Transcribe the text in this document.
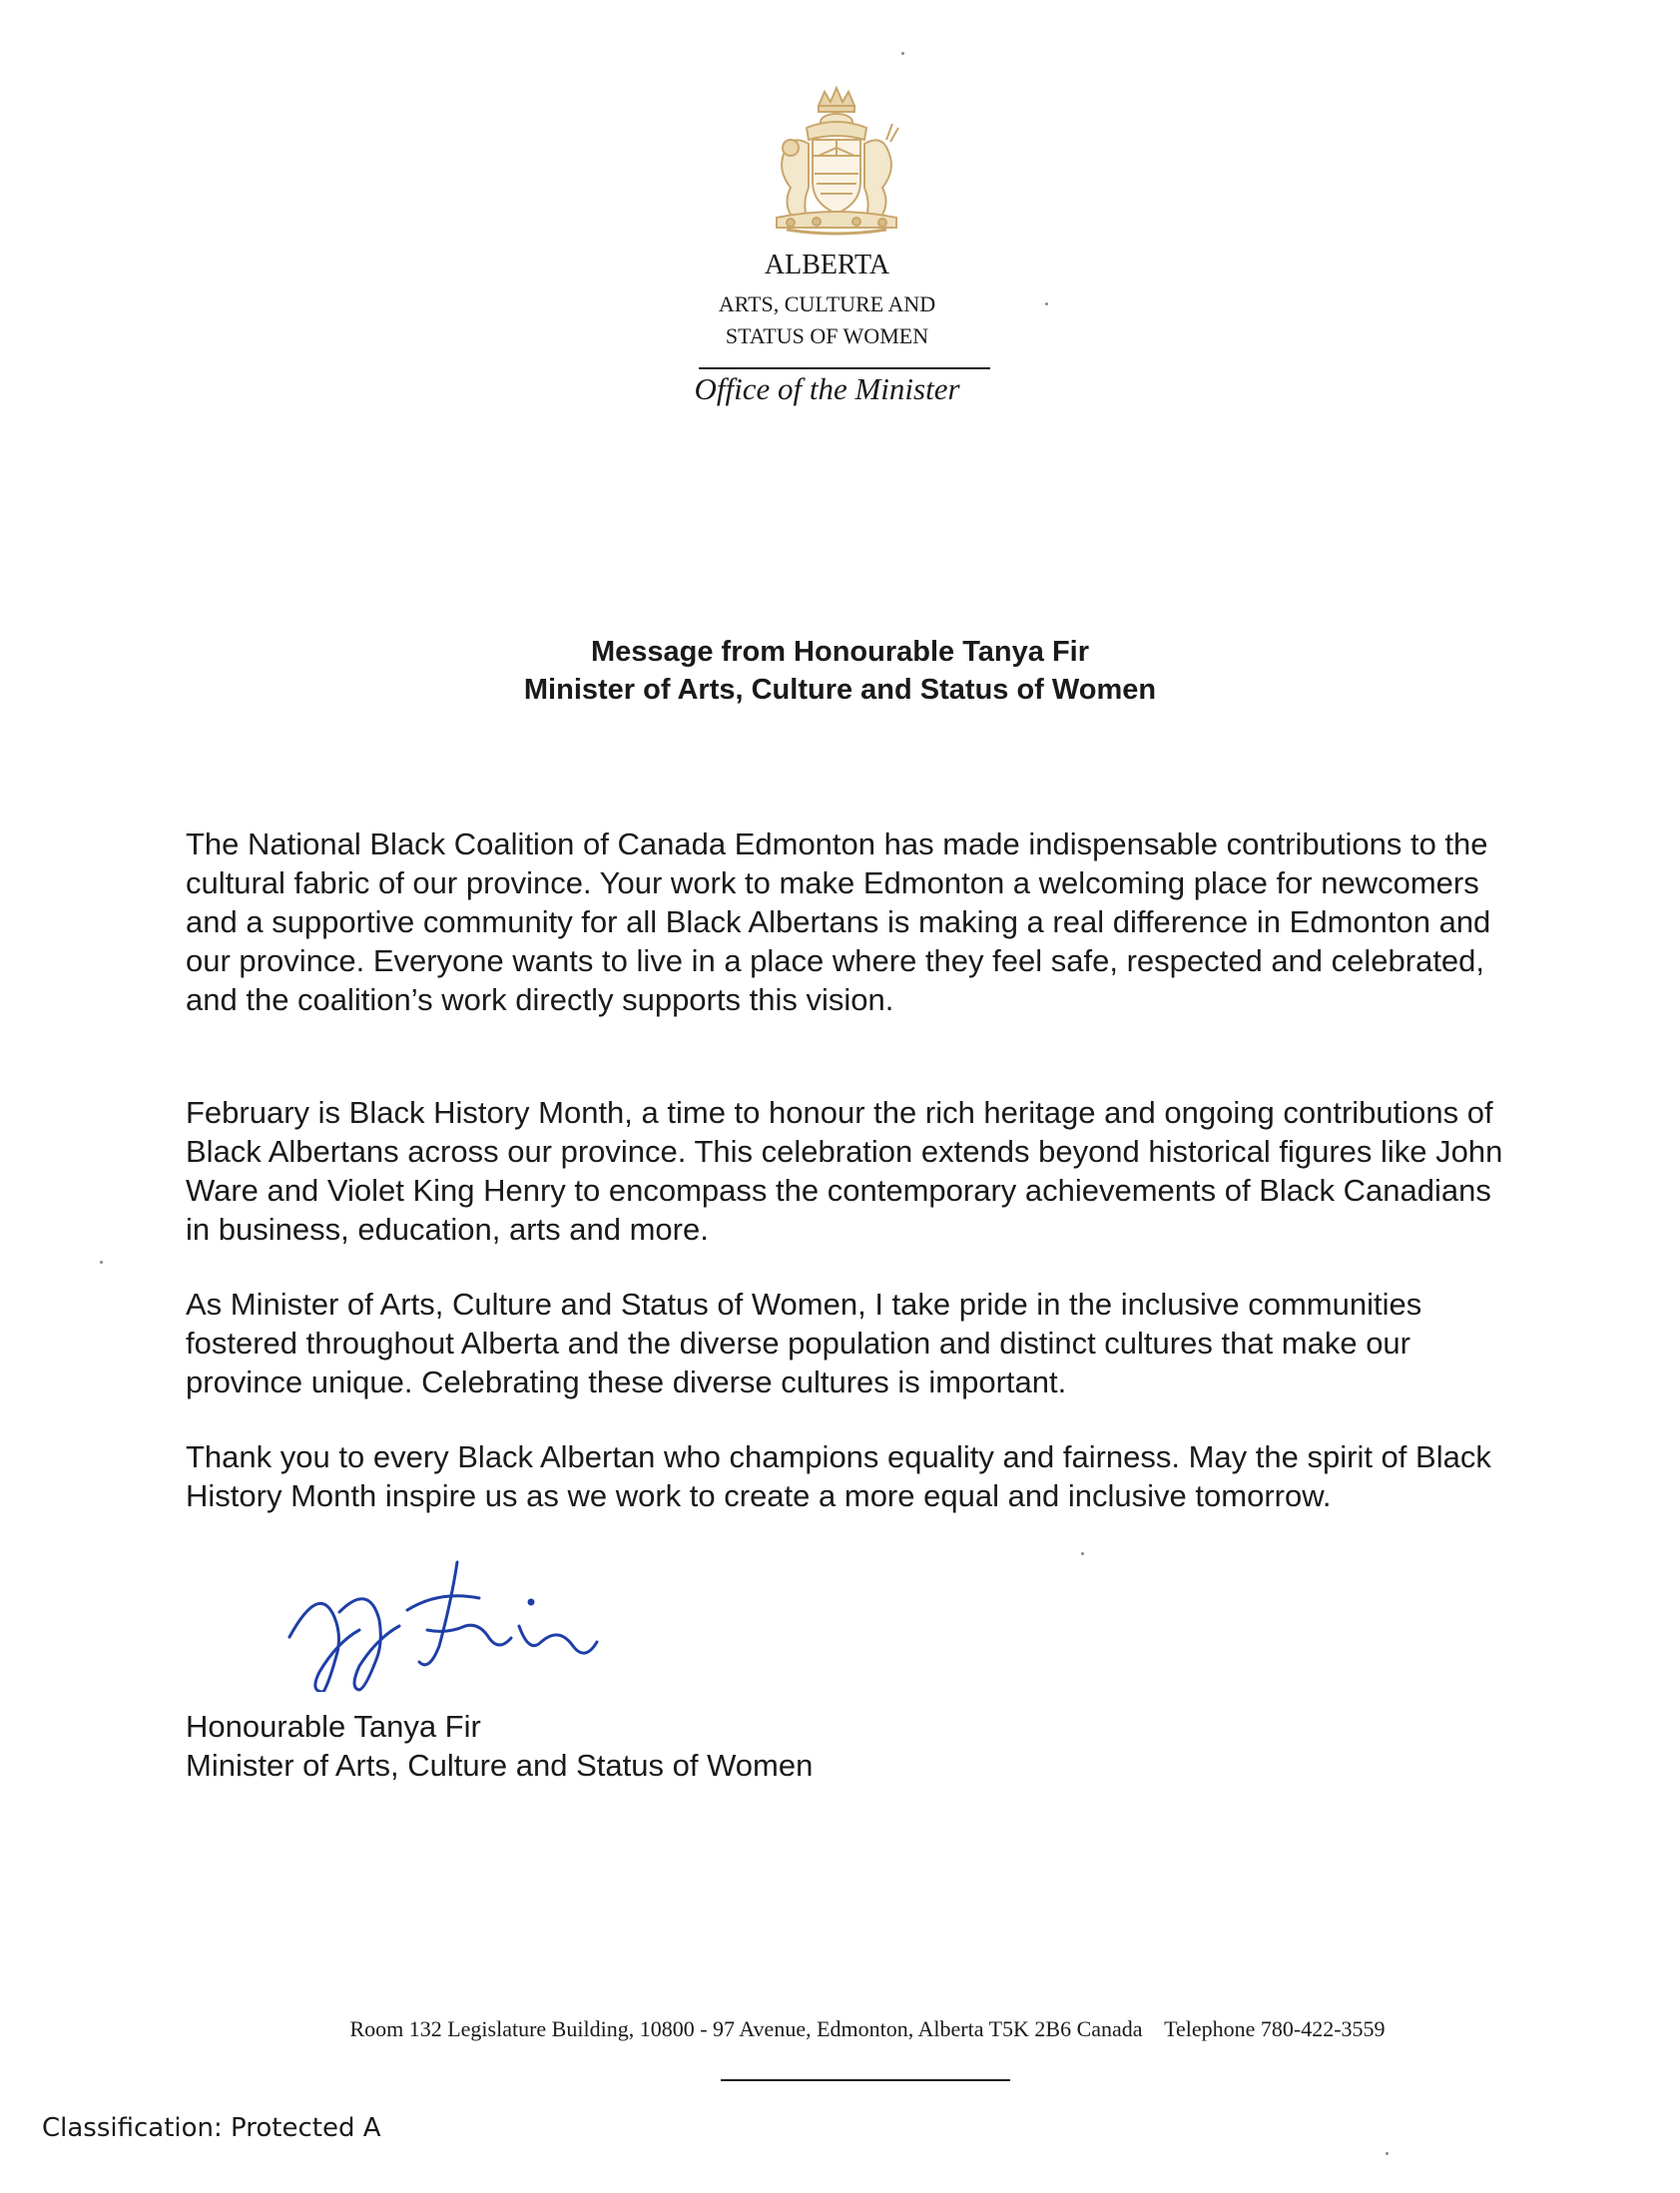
ALBERTA
ARTS, CULTURE AND
STATUS OF WOMEN
Office of the Minister
Message from Honourable Tanya Fir
Minister of Arts, Culture and Status of Women

The National Black Coalition of Canada Edmonton has made indispensable contributions to the cultural fabric of our province. Your work to make Edmonton a welcoming place for newcomers and a supportive community for all Black Albertans is making a real difference in Edmonton and our province. Everyone wants to live in a place where they feel safe, respected and celebrated, and the coalition’s work directly supports this vision.

February is Black History Month, a time to honour the rich heritage and ongoing contributions of Black Albertans across our province. This celebration extends beyond historical figures like John Ware and Violet King Henry to encompass the contemporary achievements of Black Canadians in business, education, arts and more.

As Minister of Arts, Culture and Status of Women, I take pride in the inclusive communities fostered throughout Alberta and the diverse population and distinct cultures that make our province unique. Celebrating these diverse cultures is important.

Thank you to every Black Albertan who champions equality and fairness. May the spirit of Black History Month inspire us as we work to create a more equal and inclusive tomorrow.

Honourable Tanya Fir
Minister of Arts, Culture and Status of Women
Room 132 Legislature Building, 10800 - 97 Avenue, Edmonton, Alberta T5K 2B6 Canada Telephone 780-422-3559
Classification: Protected A
